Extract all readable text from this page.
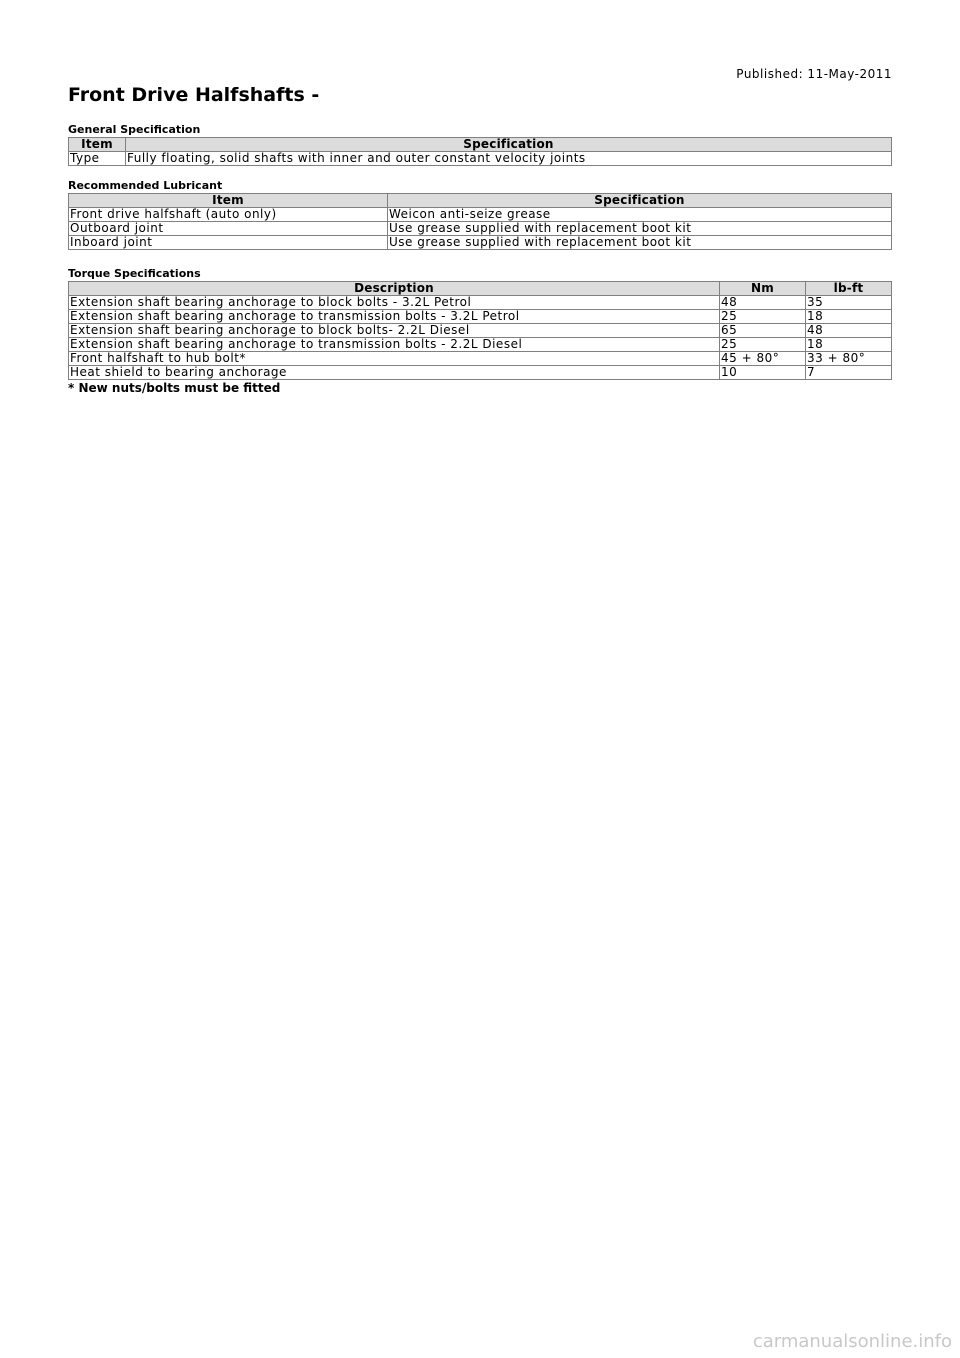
Published: 11-May-2011
Front Drive Halfshafts -
General Specification
Item	Specification
Type	Fully floating, solid shafts with inner and outer constant velocity joints
Recommended Lubricant
Item	Specification
Front drive halfshaft (auto only)	Weicon anti-seize grease
Outboard joint	Use grease supplied with replacement boot kit
Inboard joint	Use grease supplied with replacement boot kit
Torque Specifications
Description	Nm	lb-ft
Extension shaft bearing anchorage to block bolts - 3.2L Petrol	48	35
Extension shaft bearing anchorage to transmission bolts - 3.2L Petrol	25	18
Extension shaft bearing anchorage to block bolts- 2.2L Diesel	65	48
Extension shaft bearing anchorage to transmission bolts - 2.2L Diesel	25	18
Front halfshaft to hub bolt*	45 + 80°	33 + 80°
Heat shield to bearing anchorage	10	7
* New nuts/bolts must be fitted
carmanualsonline.info
